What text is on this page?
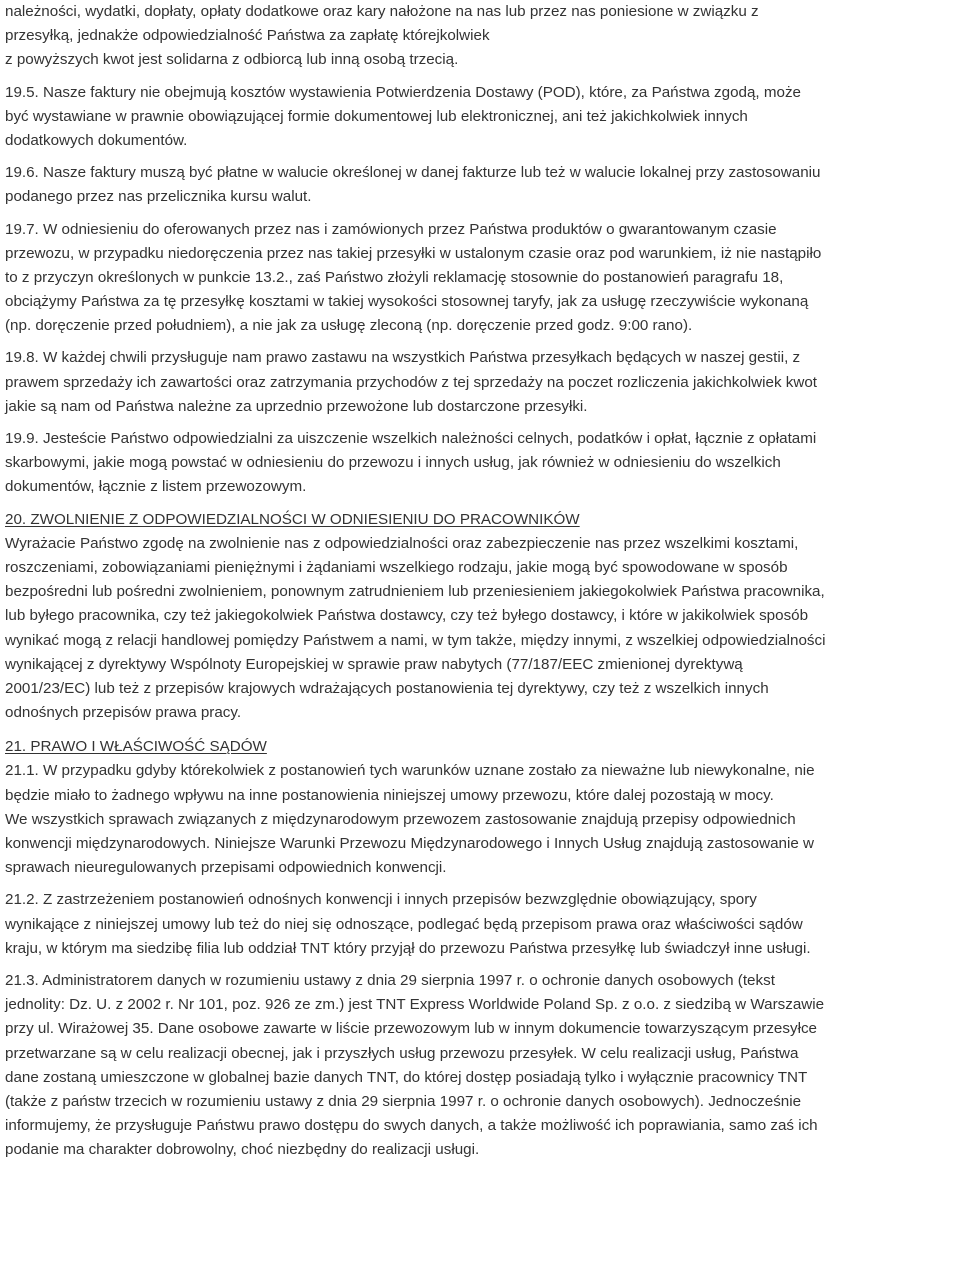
należności, wydatki, dopłaty, opłaty dodatkowe oraz kary nałożone na nas lub przez nas poniesione w związku z
przesyłką, jednakże odpowiedzialność Państwa za zapłatę którejkolwiek
z powyższych kwot jest solidarna z odbiorcą lub inną osobą trzecią.

19.5. Nasze faktury nie obejmują kosztów wystawienia Potwierdzenia Dostawy (POD), które, za Państwa zgodą, może
być wystawiane w prawnie obowiązującej formie dokumentowej lub elektronicznej, ani też jakichkolwiek innych
dodatkowych dokumentów.

19.6. Nasze faktury muszą być płatne w walucie określonej w danej fakturze lub też w walucie lokalnej przy zastosowaniu
podanego przez nas przelicznika kursu walut.

19.7. W odniesieniu do oferowanych przez nas i zamówionych przez Państwa produktów o gwarantowanym czasie
przewozu, w przypadku niedoręczenia przez nas takiej przesyłki w ustalonym czasie oraz pod warunkiem, iż nie nastąpiło
to z przyczyn określonych w punkcie 13.2., zaś Państwo złożyli reklamację stosownie do postanowień paragrafu 18,
obciążymy Państwa za tę przesyłkę kosztami w takiej wysokości stosownej taryfy, jak za usługę rzeczywiście wykonaną
(np. doręczenie przed południem), a nie jak za usługę zleconą (np. doręczenie przed godz. 9:00 rano).

19.8. W każdej chwili przysługuje nam prawo zastawu na wszystkich Państwa przesyłkach będących w naszej gestii, z
prawem sprzedaży ich zawartości oraz zatrzymania przychodów z tej sprzedaży na poczet rozliczenia jakichkolwiek kwot
jakie są nam od Państwa należne za uprzednio przewożone lub dostarczone przesyłki.

19.9. Jesteście Państwo odpowiedzialni za uiszczenie wszelkich należności celnych, podatków i opłat, łącznie z opłatami
skarbowymi, jakie mogą powstać w odniesieniu do przewozu i innych usług, jak również w odniesieniu do wszelkich
dokumentów, łącznie z listem przewozowym.

20. ZWOLNIENIE Z ODPOWIEDZIALNOŚCI W ODNIESIENIU DO PRACOWNIKÓW
Wyrażacie Państwo zgodę na zwolnienie nas z odpowiedzialności oraz zabezpieczenie nas przez wszelkimi kosztami,
roszczeniami, zobowiązaniami pieniężnymi i żądaniami wszelkiego rodzaju, jakie mogą być spowodowane w sposób
bezpośredni lub pośredni zwolnieniem, ponownym zatrudnieniem lub przeniesieniem jakiegokolwiek Państwa pracownika,
lub byłego pracownika, czy też jakiegokolwiek Państwa dostawcy, czy też byłego dostawcy, i które w jakikolwiek sposób
wynikać mogą z relacji handlowej pomiędzy Państwem a nami, w tym także, między innymi, z wszelkiej odpowiedzialności
wynikającej z dyrektywy Wspólnoty Europejskiej w sprawie praw nabytych (77/187/EEC zmienionej dyrektywą
2001/23/EC) lub też z przepisów krajowych wdrażających postanowienia tej dyrektywy, czy też z wszelkich innych
odnośnych przepisów prawa pracy.

21. PRAWO I WŁAŚCIWOŚĆ SĄDÓW
21.1. W przypadku gdyby którekolwiek z postanowień tych warunków uznane zostało za nieważne lub niewykonalne, nie
będzie miało to żadnego wpływu na inne postanowienia niniejszej umowy przewozu, które dalej pozostają w mocy.
We wszystkich sprawach związanych z międzynarodowym przewozem zastosowanie znajdują przepisy odpowiednich
konwencji międzynarodowych. Niniejsze Warunki Przewozu Międzynarodowego i Innych Usług znajdują zastosowanie w
sprawach nieuregulowanych przepisami odpowiednich konwencji.

21.2. Z zastrzeżeniem postanowień odnośnych konwencji i innych przepisów bezwzględnie obowiązujący, spory
wynikające z niniejszej umowy lub też do niej się odnoszące, podlegać będą przepisom prawa oraz właściwości sądów
kraju, w którym ma siedzibę filia lub oddział TNT który przyjął do przewozu Państwa przesyłkę lub świadczył inne usługi.

21.3. Administratorem danych w rozumieniu ustawy z dnia 29 sierpnia 1997 r. o ochronie danych osobowych (tekst
jednolity: Dz. U. z 2002 r. Nr 101, poz. 926 ze zm.) jest TNT Express Worldwide Poland Sp. z o.o. z siedzibą w Warszawie
przy ul. Wirażowej 35. Dane osobowe zawarte w liście przewozowym lub w innym dokumencie towarzyszącym przesyłce
przetwarzane są w celu realizacji obecnej, jak i przyszłych usług przewozu przesyłek. W celu realizacji usług, Państwa
dane zostaną umieszczone w globalnej bazie danych TNT, do której dostęp posiadają tylko i wyłącznie pracownicy TNT
(także z państw trzecich w rozumieniu ustawy z dnia 29 sierpnia 1997 r. o ochronie danych osobowych). Jednocześnie
informujemy, że przysługuje Państwu prawo dostępu do swych danych, a także możliwość ich poprawiania, samo zaś ich
podanie ma charakter dobrowolny, choć niezbędny do realizacji usługi.
